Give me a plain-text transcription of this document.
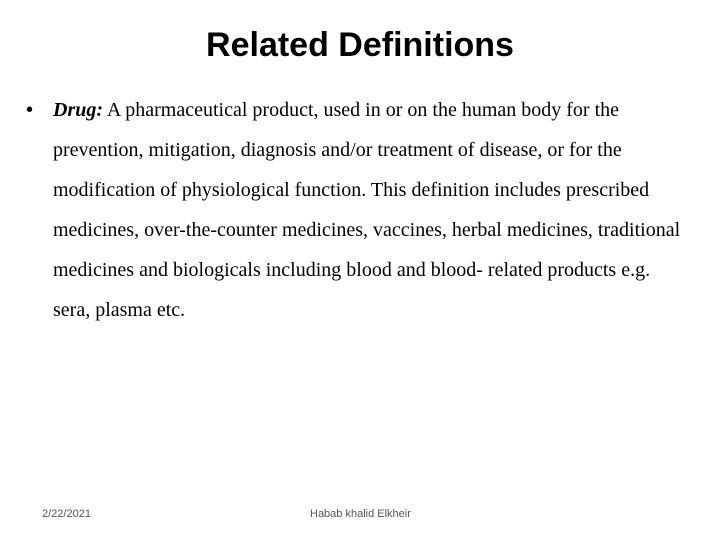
Related Definitions
• Drug: A pharmaceutical product, used in or on the human body for the prevention, mitigation, diagnosis and/or treatment of disease, or for the modification of physiological function. This definition includes prescribed medicines, over-the-counter medicines, vaccines, herbal medicines, traditional medicines and biologicals including blood and blood- related products e.g. sera, plasma etc.

2/22/2021	Habab khalid Elkheir
